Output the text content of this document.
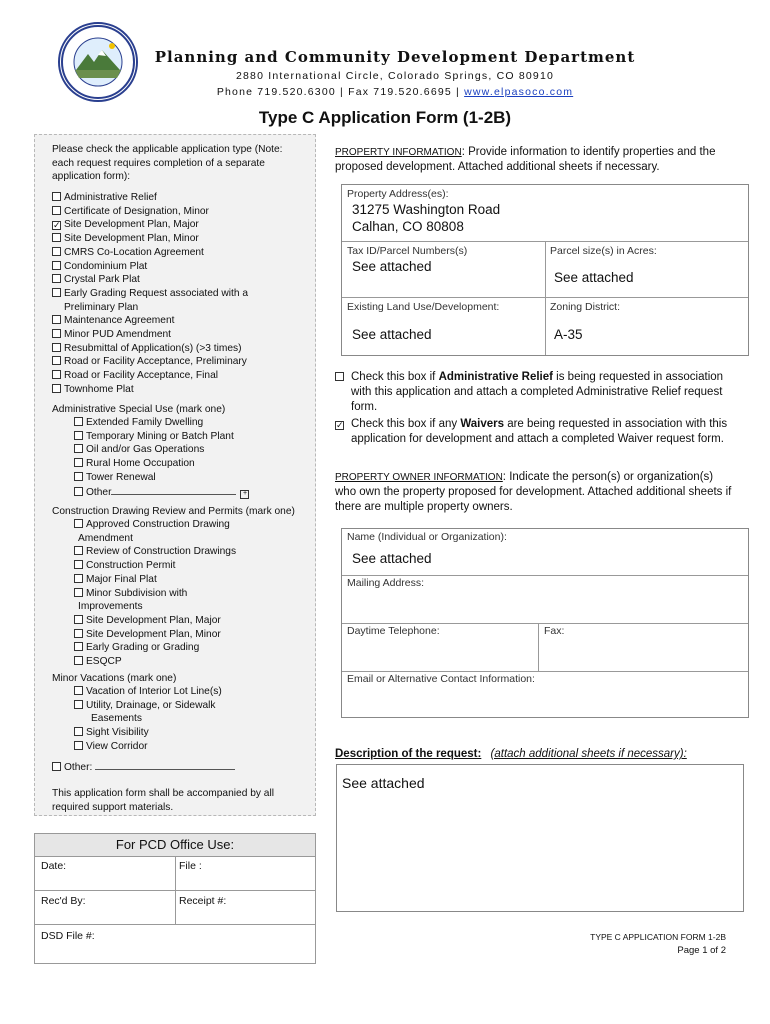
Planning and Community Development Department
2880 International Circle, Colorado Springs, CO 80910
Phone 719.520.6300 | Fax 719.520.6695 | www.elpasoco.com
Type C Application Form (1-2B)
Please check the applicable application type (Note: each request requires completion of a separate application form):
Administrative Relief
Certificate of Designation, Minor
✓Site Development Plan, Major
Site Development Plan, Minor
CMRS Co-Location Agreement
Condominium Plat
Crystal Park Plat
Early Grading Request associated with a
Preliminary Plan
Maintenance Agreement
Minor PUD Amendment
Resubmittal of Application(s) (>3 times)
Road or Facility Acceptance, Preliminary
Road or Facility Acceptance, Final
Townhome Plat
Administrative Special Use (mark one)
Extended Family Dwelling
Temporary Mining or Batch Plant
Oil and/or Gas Operations
Rural Home Occupation
Tower Renewal
Other	+
Construction Drawing Review and Permits (mark one)
Approved Construction Drawing
Amendment
Review of Construction Drawings
Construction Permit
Major Final Plat
Minor Subdivision with
Improvements
Site Development Plan, Major
Site Development Plan, Minor
Early Grading or Grading
ESQCP
Minor Vacations (mark one)
Vacation of Interior Lot Line(s)
Utility, Drainage, or Sidewalk
Easements
Sight Visibility
View Corridor
Other:
This application form shall be accompanied by all required support materials.
For PCD Office Use:
Date:	File :
Rec'd By:	Receipt #:
DSD File #:
PROPERTY INFORMATION: Provide information to identify properties and the proposed development. Attached additional sheets if necessary.
Property Address(es):
31275 Washington Road
Calhan, CO 80808
Tax ID/Parcel Numbers(s)
See attached
Parcel size(s) in Acres:
See attached
Existing Land Use/Development:
See attached
Zoning District:
A-35
Check this box if Administrative Relief is being requested in association with this application and attach a completed Administrative Relief request form.
✓
Check this box if any Waivers are being requested in association with this application for development and attach a completed Waiver request form.
PROPERTY OWNER INFORMATION: Indicate the person(s) or organization(s) who own the property proposed for development. Attached additional sheets if there are multiple property owners.
Name (Individual or Organization):
See attached
Mailing Address:
Daytime Telephone:	Fax:
Email or Alternative Contact Information:
Description of the request: (attach additional sheets if necessary):
See attached
TYPE C APPLICATION FORM 1-2B
Page 1 of 2
